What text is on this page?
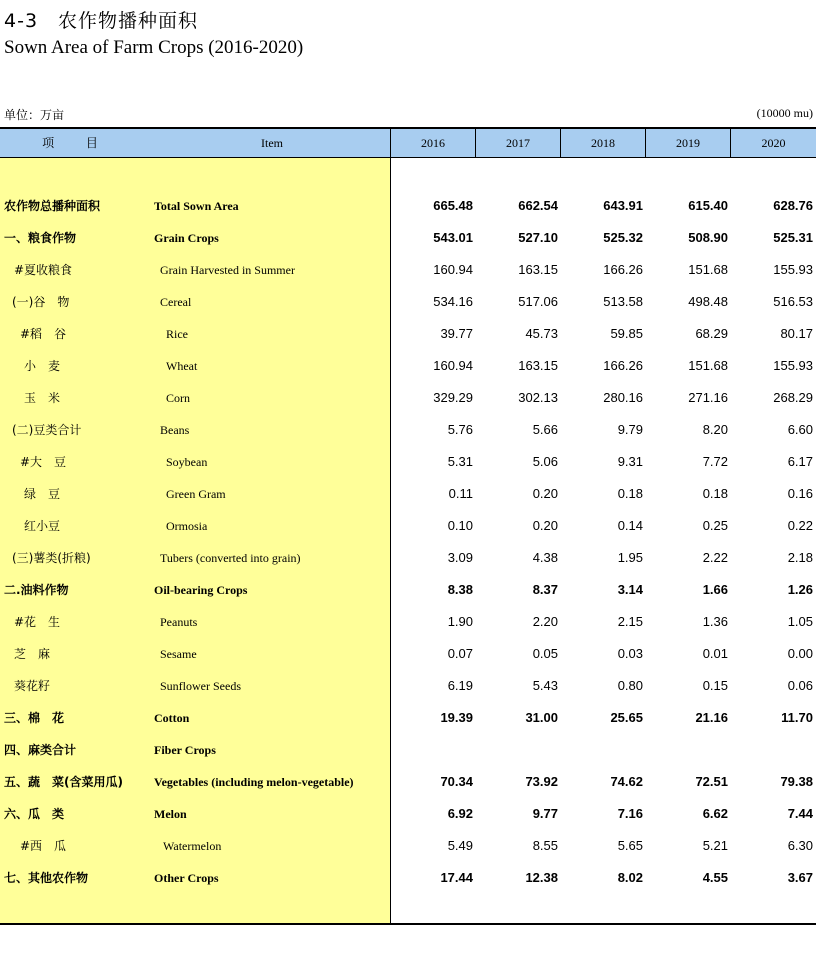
4-3　农作物播种面积
Sown Area of Farm Crops (2016-2020)
单位：万亩	(10000 mu)
项 目	Item	2016	2017	2018	2019	2020
农作物总播种面积	Total Sown Area	665.48	662.54	643.91	615.40	628.76
一、粮食作物	Grain Crops	543.01	527.10	525.32	508.90	525.31
#夏收粮食	Grain Harvested in Summer	160.94	163.15	166.26	151.68	155.93
(一)谷　物	Cereal	534.16	517.06	513.58	498.48	516.53
#稻　谷	Rice	39.77	45.73	59.85	68.29	80.17
小　麦	Wheat	160.94	163.15	166.26	151.68	155.93
玉　米	Corn	329.29	302.13	280.16	271.16	268.29
(二)豆类合计	Beans	5.76	5.66	9.79	8.20	6.60
#大　豆	Soybean	5.31	5.06	9.31	7.72	6.17
绿　豆	Green Gram	0.11	0.20	0.18	0.18	0.16
红小豆	Ormosia	0.10	0.20	0.14	0.25	0.22
(三)薯类(折粮)	Tubers (converted into grain)	3.09	4.38	1.95	2.22	2.18
二.油料作物	Oil-bearing Crops	8.38	8.37	3.14	1.66	1.26
#花　生	Peanuts	1.90	2.20	2.15	1.36	1.05
芝　麻	Sesame	0.07	0.05	0.03	0.01	0.00
葵花籽	Sunflower Seeds	6.19	5.43	0.80	0.15	0.06
三、棉　花	Cotton	19.39	31.00	25.65	21.16	11.70
四、麻类合计	Fiber Crops
五、蔬　菜(含菜用瓜)	Vegetables (including melon-vegetable)	70.34	73.92	74.62	72.51	79.38
六、瓜　类	Melon	6.92	9.77	7.16	6.62	7.44
#西　瓜	Watermelon	5.49	8.55	5.65	5.21	6.30
七、其他农作物	Other Crops	17.44	12.38	8.02	4.55	3.67
